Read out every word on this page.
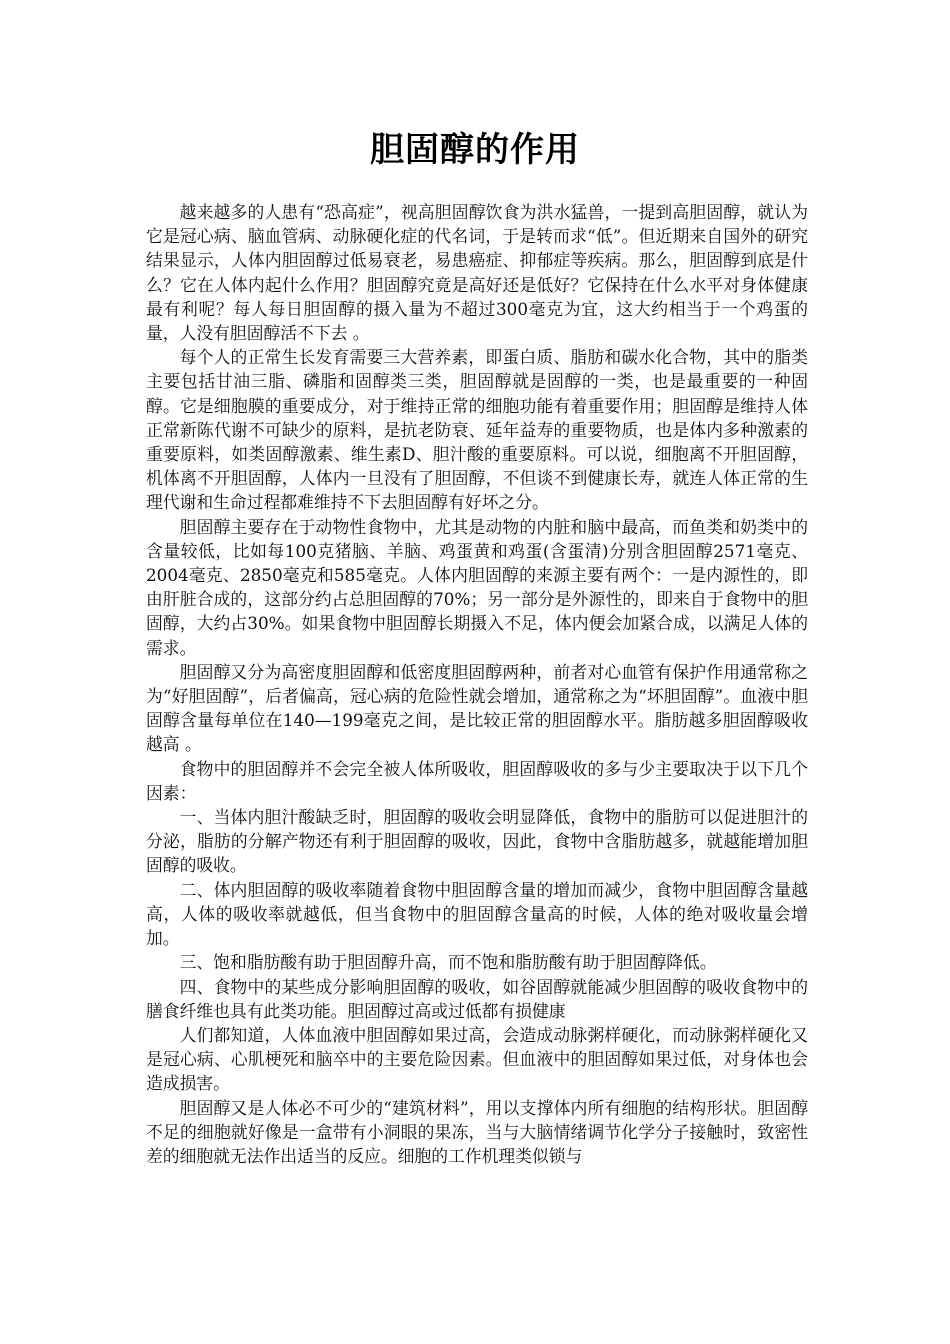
胆固醇的作用

越来越多的人患有“恐高症”，视高胆固醇饮食为洪水猛兽，一提到高胆固醇，就认为它是冠心病、脑血管病、动脉硬化症的代名词，于是转而求“低”。但近期来自国外的研究结果显示，人体内胆固醇过低易衰老，易患癌症、抑郁症等疾病。那么，胆固醇到底是什么？它在人体内起什么作用？胆固醇究竟是高好还是低好？它保持在什么水平对身体健康最有利呢？每人每日胆固醇的摄入量为不超过300毫克为宜，这大约相当于一个鸡蛋的量，人没有胆固醇活不下去 。

每个人的正常生长发育需要三大营养素，即蛋白质、脂肪和碳水化合物，其中的脂类主要包括甘油三脂、磷脂和固醇类三类，胆固醇就是固醇的一类，也是最重要的一种固醇。它是细胞膜的重要成分，对于维持正常的细胞功能有着重要作用；胆固醇是维持人体正常新陈代谢不可缺少的原料，是抗老防衰、延年益寿的重要物质，也是体内多种激素的重要原料，如类固醇激素、维生素D、胆汁酸的重要原料。可以说，细胞离不开胆固醇，机体离不开胆固醇，人体内一旦没有了胆固醇，不但谈不到健康长寿，就连人体正常的生理代谢和生命过程都难维持不下去胆固醇有好坏之分。

胆固醇主要存在于动物性食物中，尤其是动物的内脏和脑中最高，而鱼类和奶类中的含量较低，比如每100克猪脑、羊脑、鸡蛋黄和鸡蛋(含蛋清)分别含胆固醇2571毫克、2004毫克、2850毫克和585毫克。人体内胆固醇的来源主要有两个：一是内源性的，即由肝脏合成的，这部分约占总胆固醇的70%；另一部分是外源性的，即来自于食物中的胆固醇，大约占30%。如果食物中胆固醇长期摄入不足，体内便会加紧合成，以满足人体的需求。

胆固醇又分为高密度胆固醇和低密度胆固醇两种，前者对心血管有保护作用通常称之为“好胆固醇”，后者偏高，冠心病的危险性就会增加，通常称之为“坏胆固醇”。血液中胆固醇含量每单位在140—199毫克之间，是比较正常的胆固醇水平。脂肪越多胆固醇吸收越高 。

食物中的胆固醇并不会完全被人体所吸收，胆固醇吸收的多与少主要取决于以下几个因素：

一、当体内胆汁酸缺乏时，胆固醇的吸收会明显降低，食物中的脂肪可以促进胆汁的分泌，脂肪的分解产物还有利于胆固醇的吸收，因此，食物中含脂肪越多，就越能增加胆固醇的吸收。

二、体内胆固醇的吸收率随着食物中胆固醇含量的增加而减少，食物中胆固醇含量越高，人体的吸收率就越低，但当食物中的胆固醇含量高的时候，人体的绝对吸收量会增加。

三、饱和脂肪酸有助于胆固醇升高，而不饱和脂肪酸有助于胆固醇降低。

四、食物中的某些成分影响胆固醇的吸收，如谷固醇就能减少胆固醇的吸收食物中的膳食纤维也具有此类功能。胆固醇过高或过低都有损健康

人们都知道，人体血液中胆固醇如果过高，会造成动脉粥样硬化，而动脉粥样硬化又是冠心病、心肌梗死和脑卒中的主要危险因素。但血液中的胆固醇如果过低，对身体也会造成损害。

胆固醇又是人体必不可少的“建筑材料”，用以支撑体内所有细胞的结构形状。胆固醇不足的细胞就好像是一盒带有小洞眼的果冻，当与大脑情绪调节化学分子接触时，致密性差的细胞就无法作出适当的反应。细胞的工作机理类似锁与
